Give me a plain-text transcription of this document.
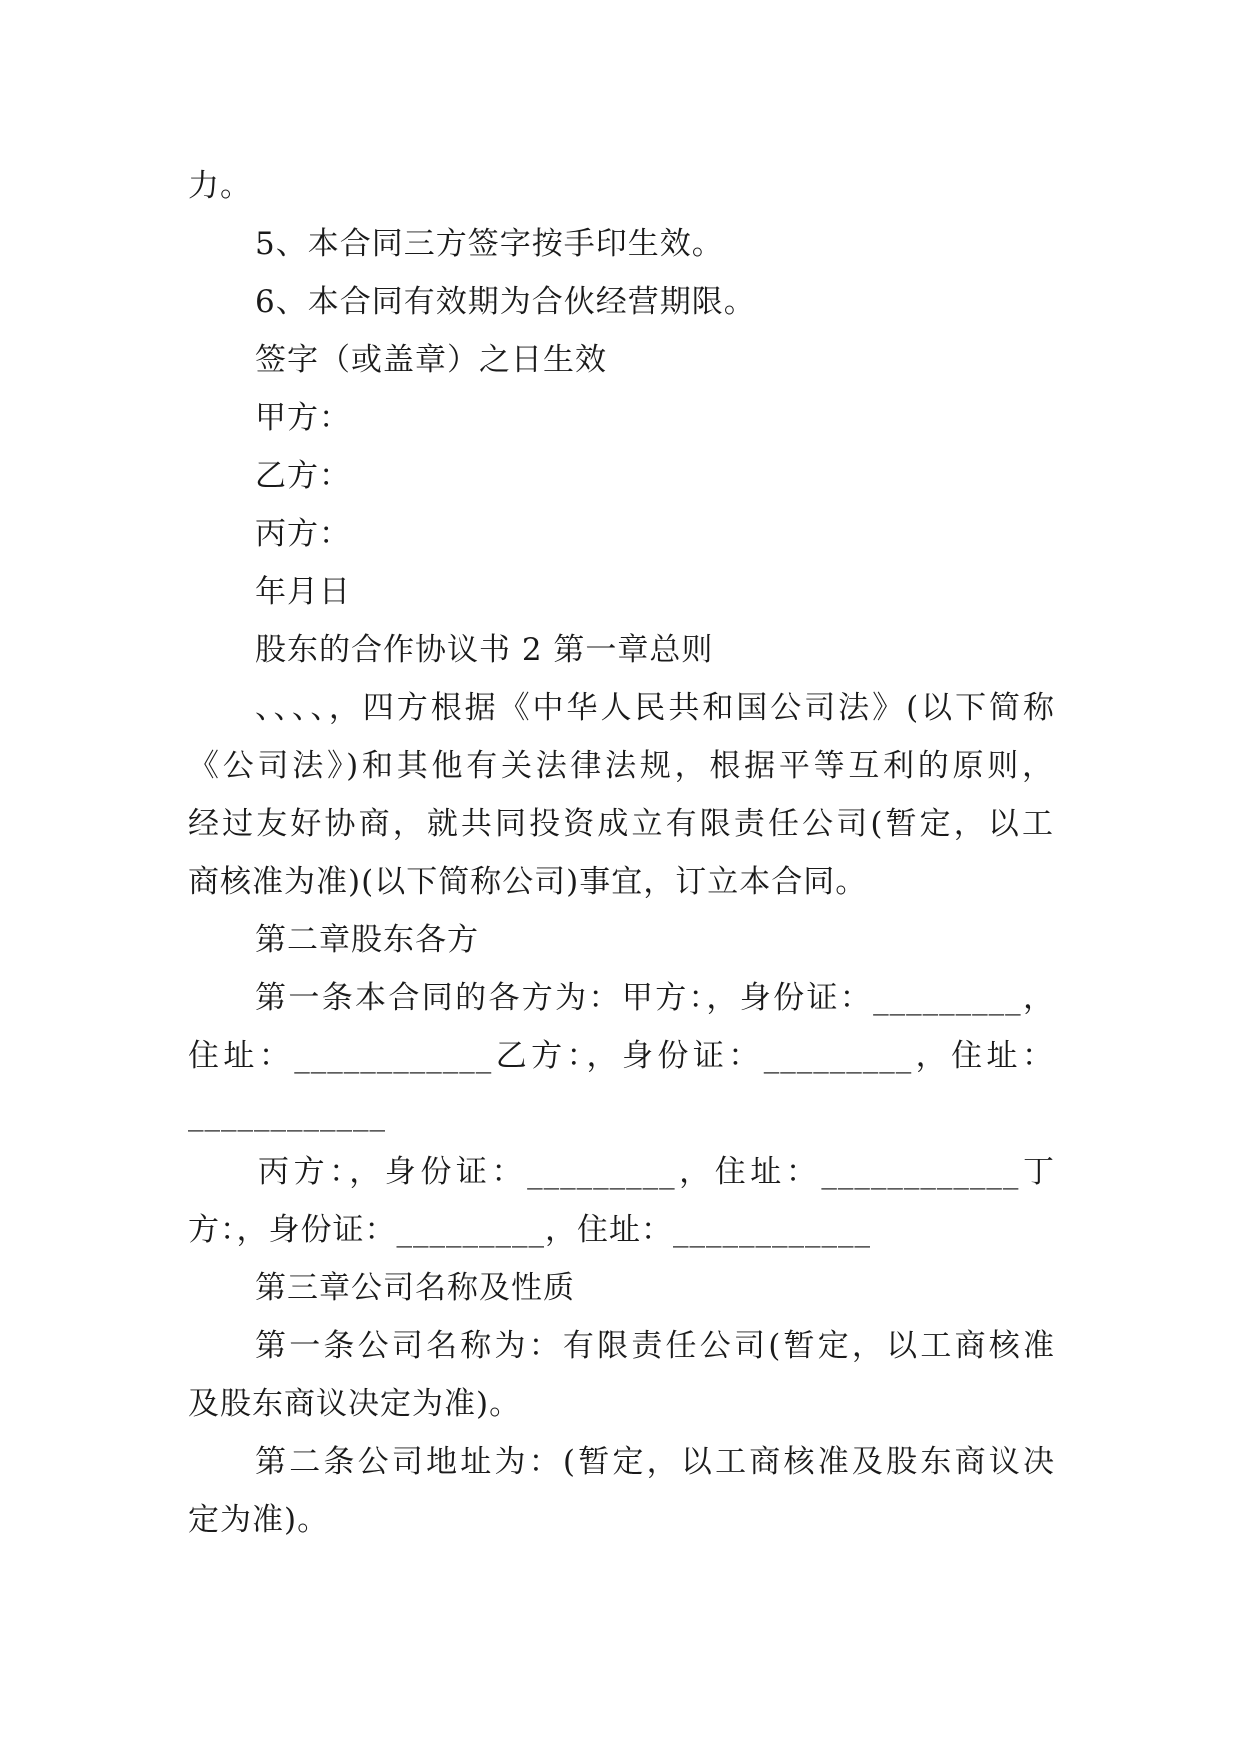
力。
5、本合同三方签字按手印生效。
6、本合同有效期为合伙经营期限。
签字（或盖章）之日生效
甲方：
乙方：
丙方：
年月日
股东的合作协议书 2 第一章总则
、、、、，四方根据《中华人民共和国公司法》(以下简称
《公司法》)和其他有关法律法规，根据平等互利的原则，
经过友好协商，就共同投资成立有限责任公司(暂定，以工
商核准为准)(以下简称公司)事宜，订立本合同。
第二章股东各方
第一条本合同的各方为：甲方：，身份证：_________，
住址：____________乙方：，身份证：_________，住址：
____________
丙方：，身份证：_________，住址：____________丁
方：，身份证：_________，住址：____________
第三章公司名称及性质
第一条公司名称为：有限责任公司(暂定，以工商核准
及股东商议决定为准)。
第二条公司地址为：(暂定，以工商核准及股东商议决
定为准)。
